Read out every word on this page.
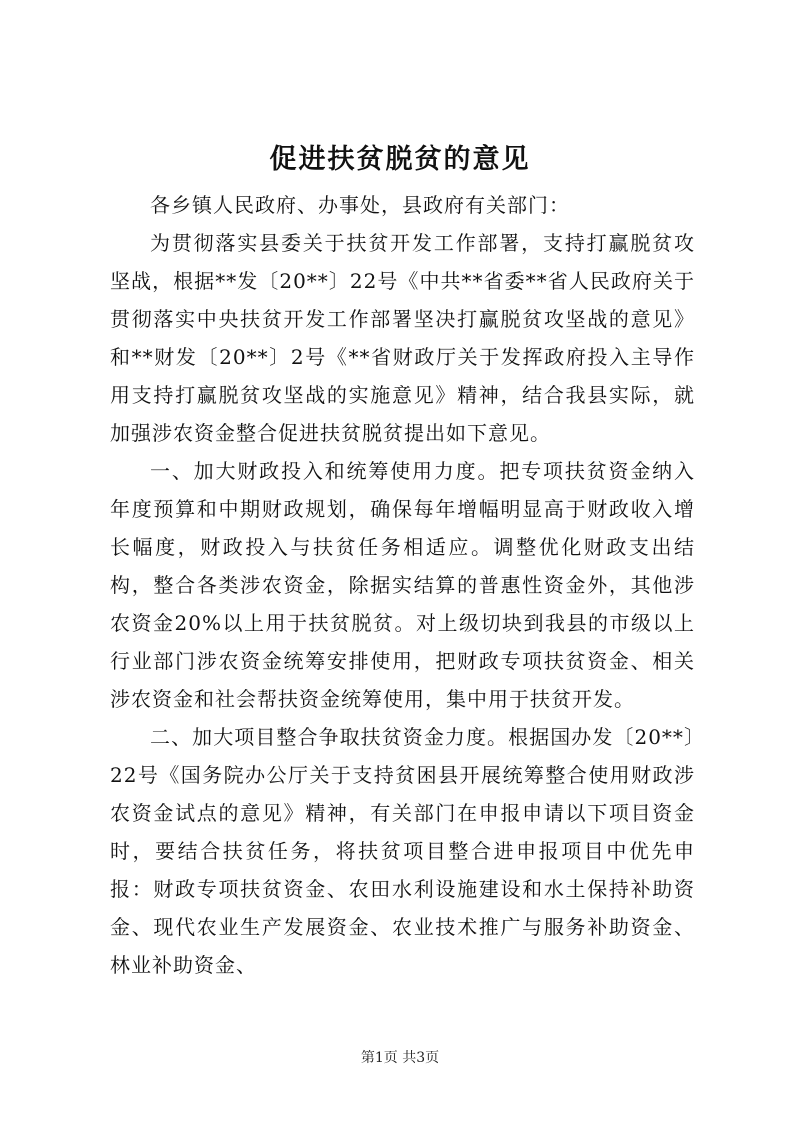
促进扶贫脱贫的意见

各乡镇人民政府、办事处，县政府有关部门：

为贯彻落实县委关于扶贫开发工作部署，支持打赢脱贫攻坚战，根据**发〔20**〕22号《中共**省委**省人民政府关于贯彻落实中央扶贫开发工作部署坚决打赢脱贫攻坚战的意见》和**财发〔20**〕2号《**省财政厅关于发挥政府投入主导作用支持打赢脱贫攻坚战的实施意见》精神，结合我县实际，就加强涉农资金整合促进扶贫脱贫提出如下意见。

一、加大财政投入和统筹使用力度。把专项扶贫资金纳入年度预算和中期财政规划，确保每年增幅明显高于财政收入增长幅度，财政投入与扶贫任务相适应。调整优化财政支出结构，整合各类涉农资金，除据实结算的普惠性资金外，其他涉农资金20%以上用于扶贫脱贫。对上级切块到我县的市级以上行业部门涉农资金统筹安排使用，把财政专项扶贫资金、相关涉农资金和社会帮扶资金统筹使用，集中用于扶贫开发。

二、加大项目整合争取扶贫资金力度。根据国办发〔20**〕22号《国务院办公厅关于支持贫困县开展统筹整合使用财政涉农资金试点的意见》精神，有关部门在申报申请以下项目资金时，要结合扶贫任务，将扶贫项目整合进申报项目中优先申报：财政专项扶贫资金、农田水利设施建设和水土保持补助资金、现代农业生产发展资金、农业技术推广与服务补助资金、林业补助资金、

第1页 共3页
